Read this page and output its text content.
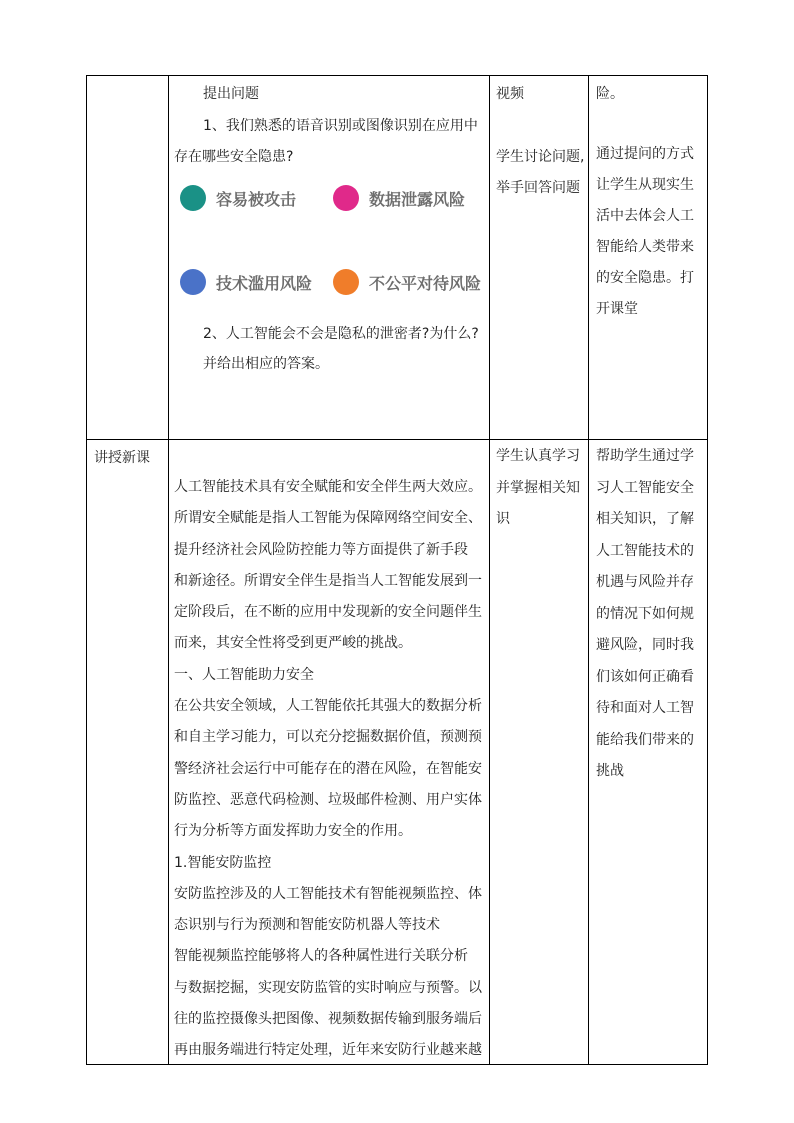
提出问题
1、我们熟悉的语音识别或图像识别在应用中
存在哪些安全隐患?
容易被攻击	数据泄露风险
技术滥用风险	不公平对待风险
2、人工智能会不会是隐私的泄密者?为什么?
并给出相应的答案。
视频
学生讨论问题,
举手回答问题
险。
通过提问的方式
让学生从现实生
活中去体会人工
智能给人类带来
的安全隐患。打
开课堂
讲授新课
人工智能技术具有安全赋能和安全伴生两大效应。
所谓安全赋能是指人工智能为保障网络空间安全、
提升经济社会风险防控能力等方面提供了新手段
和新途径。所谓安全伴生是指当人工智能发展到一
定阶段后，在不断的应用中发现新的安全问题伴生
而来，其安全性将受到更严峻的挑战。
一、人工智能助力安全
在公共安全领域，人工智能依托其强大的数据分析
和自主学习能力，可以充分挖掘数据价值，预测预
警经济社会运行中可能存在的潜在风险，在智能安
防监控、恶意代码检测、垃圾邮件检测、用户实体
行为分析等方面发挥助力安全的作用。
1.智能安防监控
安防监控涉及的人工智能技术有智能视频监控、体
态识别与行为预测和智能安防机器人等技术
智能视频监控能够将人的各种属性进行关联分析
与数据挖掘，实现安防监管的实时响应与预警。以
往的监控摄像头把图像、视频数据传输到服务端后
再由服务端进行特定处理，近年来安防行业越来越
学生认真学习
并掌握相关知
识
帮助学生通过学
习人工智能安全
相关知识，了解
人工智能技术的
机遇与风险并存
的情况下如何规
避风险，同时我
们该如何正确看
待和面对人工智
能给我们带来的
挑战
